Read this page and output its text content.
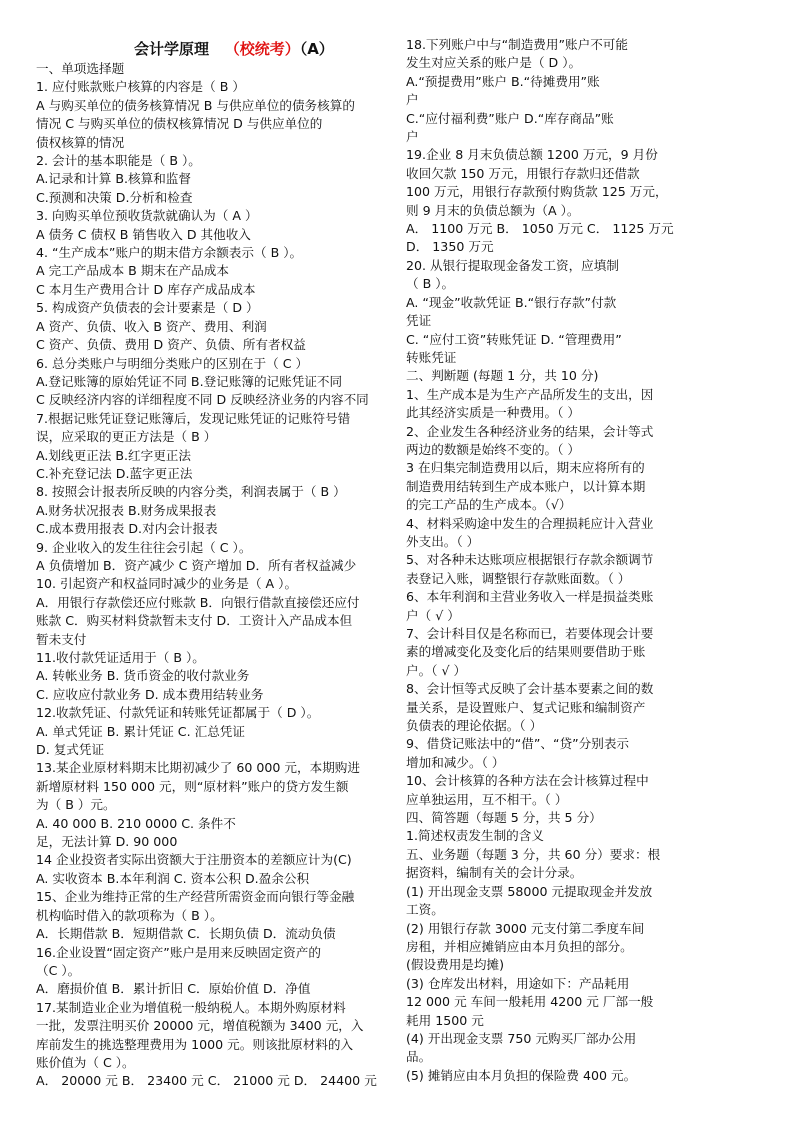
会计学原理 （校统考）（A）
一、单项选择题
1. 应付账款账户核算的内容是（ B ）
A 与购买单位的债务核算情况 B 与供应单位的债务核算的
情况 C 与购买单位的债权核算情况 D 与供应单位的
债权核算的情况
2. 会计的基本职能是（ B ）。
A.记录和计算 B.核算和监督
C.预测和决策 D.分析和检查
3. 向购买单位预收货款就确认为（ A ）
A 债务 C 债权 B 销售收入 D 其他收入
4. “生产成本”账户的期末借方余额表示（ B ）。
A 完工产品成本 B 期末在产品成本
C 本月生产费用合计 D 库存产成品成本
5. 构成资产负债表的会计要素是（ D ）
A 资产、负债、收入 B 资产、费用、利润
C 资产、负债、费用 D 资产、负债、所有者权益
6. 总分类账户与明细分类账户的区别在于（ C ）
A.登记账簿的原始凭证不同 B.登记账簿的记账凭证不同
C 反映经济内容的详细程度不同 D 反映经济业务的内容不同
7.根据记账凭证登记账簿后，发现记账凭证的记账符号错
误，应采取的更正方法是（ B ）
A.划线更正法 B.红字更正法
C.补充登记法 D.蓝字更正法
8. 按照会计报表所反映的内容分类，利润表属于（ B ）
A.财务状况报表 B.财务成果报表
C.成本费用报表 D.对内会计报表
9. 企业收入的发生往往会引起（ C ）。
A 负债增加 B．资产减少 C 资产增加 D．所有者权益减少
10. 引起资产和权益同时减少的业务是（ A ）。
A．用银行存款偿还应付账款 B．向银行借款直接偿还应付
账款 C．购买材料贷款暂未支付 D．工资计入产品成本但
暂未支付
11.收付款凭证适用于（ B ）。
A. 转帐业务 B. 货币资金的收付款业务
C. 应收应付款业务 D. 成本费用结转业务
12.收款凭证、付款凭证和转账凭证都属于（ D ）。
A. 单式凭证 B. 累计凭证 C. 汇总凭证
D. 复式凭证
13.某企业原材料期末比期初减少了 60 000 元，本期购进
新增原材料 150 000 元，则“原材料”账户的贷方发生额
为（ B ）元。
A. 40 000 B. 210 0000 C. 条件不
足，无法计算 D. 90 000
14 企业投资者实际出资额大于注册资本的差额应计为(C)
A. 实收资本 B.本年利润 C. 资本公积 D.盈余公积
15、企业为维持正常的生产经营所需资金而向银行等金融
机构临时借入的款项称为（ B ）。
A．长期借款 B．短期借款 C．长期负债 D．流动负债
16.企业设置“固定资产”账户是用来反映固定资产的
（C ）。
A．磨损价值 B．累计折旧 C．原始价值 D．净值
17.某制造业企业为增值税一般纳税人。本期外购原材料
一批，发票注明买价 20000 元，增值税额为 3400 元，入
库前发生的挑选整理费用为 1000 元。则该批原材料的入
账价值为（ C ）。
A． 20000 元 B． 23400 元 C． 21000 元 D． 24400 元
18.下列账户中与“制造费用”账户不可能
发生对应关系的账户是（ D ）。
A.“预提费用”账户 B.“待摊费用”账
户
C.“应付福利费”账户 D.“库存商品”账
户
19.企业 8 月末负债总额 1200 万元，9 月份
收回欠款 150 万元，用银行存款归还借款
100 万元，用银行存款预付购货款 125 万元，
则 9 月末的负债总额为（A ）。
A． 1100 万元 B． 1050 万元 C． 1125 万元
D． 1350 万元
20. 从银行提取现金备发工资，应填制
（ B ）。
A. “现金”收款凭证 B.“银行存款”付款
凭证
C. “应付工资”转账凭证 D. “管理费用”
转账凭证
二、判断题 (每题 1 分，共 10 分)
1、生产成本是为生产产品所发生的支出，因
此其经济实质是一种费用。（ ）
2、企业发生各种经济业务的结果，会计等式
两边的数额是始终不变的。（ ）
3 在归集完制造费用以后，期末应将所有的
制造费用结转到生产成本账户，以计算本期
的完工产品的生产成本。（√）
4、材料采购途中发生的合理损耗应计入营业
外支出。（ ）
5、对各种未达账项应根据银行存款余额调节
表登记入账，调整银行存款账面数。（ ）
6、本年利润和主营业务收入一样是损益类账
户（ √ ）
7、会计科目仅是名称而已，若要体现会计要
素的增减变化及变化后的结果则要借助于账
户。（ √ ）
8、会计恒等式反映了会计基本要素之间的数
量关系，是设置账户、复式记账和编制资产
负债表的理论依据。（ ）
9、借贷记账法中的“借”、“贷”分别表示
增加和减少。（ ）
10、会计核算的各种方法在会计核算过程中
应单独运用，互不相干。（ ）
四、简答题（每题 5 分，共 5 分）
1.简述权责发生制的含义
五、业务题（每题 3 分，共 60 分）要求：根
据资料，编制有关的会计分录。
(1) 开出现金支票 58000 元提取现金并发放
工资。
(2) 用银行存款 3000 元支付第二季度车间
房租，并相应摊销应由本月负担的部分。
(假设费用是均摊)
(3) 仓库发出材料，用途如下：产品耗用
12 000 元 车间一般耗用 4200 元 厂部一般
耗用 1500 元
(4) 开出现金支票 750 元购买厂部办公用
品。
(5) 摊销应由本月负担的保险费 400 元。
